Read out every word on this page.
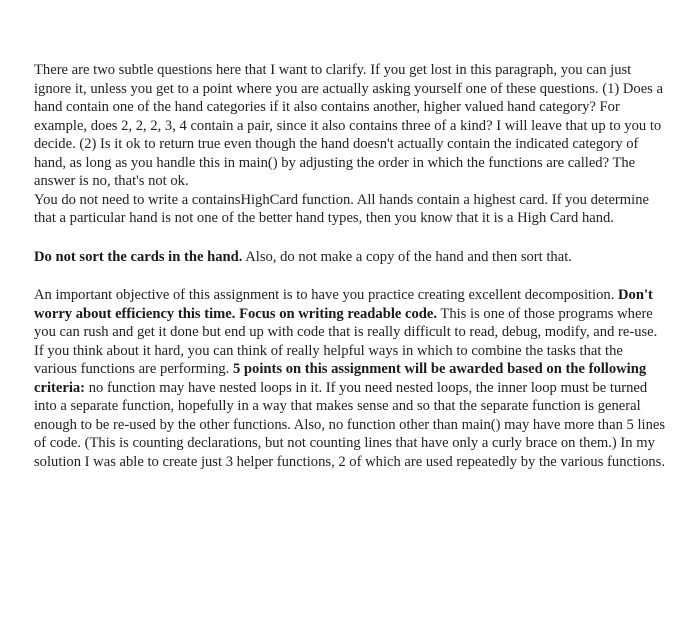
There are two subtle questions here that I want to clarify. If you get lost in this paragraph, you can just ignore it, unless you get to a point where you are actually asking yourself one of these questions. (1) Does a hand contain one of the hand categories if it also contains another, higher valued hand category? For example, does 2, 2, 2, 3, 4 contain a pair, since it also contains three of a kind? I will leave that up to you to decide. (2) Is it ok to return true even though the hand doesn't actually contain the indicated category of hand, as long as you handle this in main() by adjusting the order in which the functions are called? The answer is no, that's not ok.

You do not need to write a containsHighCard function. All hands contain a highest card. If you determine that a particular hand is not one of the better hand types, then you know that it is a High Card hand.

Do not sort the cards in the hand. Also, do not make a copy of the hand and then sort that.

An important objective of this assignment is to have you practice creating excellent decomposition. Don't worry about efficiency this time. Focus on writing readable code. This is one of those programs where you can rush and get it done but end up with code that is really difficult to read, debug, modify, and re-use. If you think about it hard, you can think of really helpful ways in which to combine the tasks that the various functions are performing. 5 points on this assignment will be awarded based on the following criteria: no function may have nested loops in it. If you need nested loops, the inner loop must be turned into a separate function, hopefully in a way that makes sense and so that the separate function is general enough to be re-used by the other functions. Also, no function other than main() may have more than 5 lines of code. (This is counting declarations, but not counting lines that have only a curly brace on them.) In my solution I was able to create just 3 helper functions, 2 of which are used repeatedly by the various functions.
